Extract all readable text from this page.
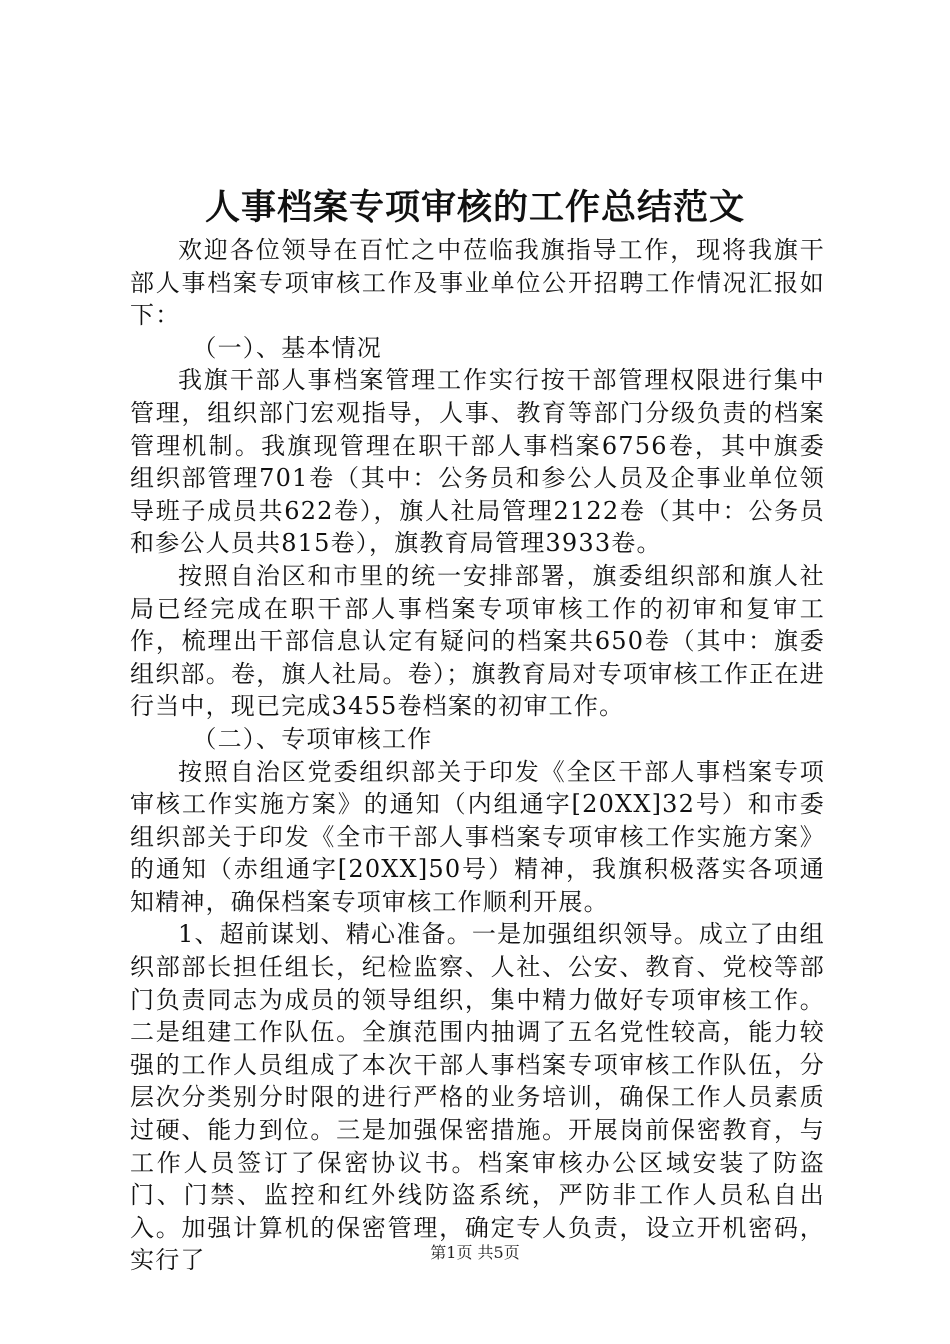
人事档案专项审核的工作总结范文

欢迎各位领导在百忙之中莅临我旗指导工作，现将我旗干部人事档案专项审核工作及事业单位公开招聘工作情况汇报如下：

（一）、基本情况

我旗干部人事档案管理工作实行按干部管理权限进行集中管理，组织部门宏观指导，人事、教育等部门分级负责的档案管理机制。我旗现管理在职干部人事档案6756卷，其中旗委组织部管理701卷（其中：公务员和参公人员及企事业单位领导班子成员共622卷），旗人社局管理2122卷（其中：公务员和参公人员共815卷），旗教育局管理3933卷。

按照自治区和市里的统一安排部署，旗委组织部和旗人社局已经完成在职干部人事档案专项审核工作的初审和复审工作，梳理出干部信息认定有疑问的档案共650卷（其中：旗委组织部。卷，旗人社局。卷）；旗教育局对专项审核工作正在进行当中，现已完成3455卷档案的初审工作。

（二）、专项审核工作

按照自治区党委组织部关于印发《全区干部人事档案专项审核工作实施方案》的通知（内组通字[20XX]32号）和市委组织部关于印发《全市干部人事档案专项审核工作实施方案》的通知（赤组通字[20XX]50号）精神，我旗积极落实各项通知精神，确保档案专项审核工作顺利开展。

1、超前谋划、精心准备。一是加强组织领导。成立了由组织部部长担任组长，纪检监察、人社、公安、教育、党校等部门负责同志为成员的领导组织，集中精力做好专项审核工作。二是组建工作队伍。全旗范围内抽调了五名党性较高，能力较强的工作人员组成了本次干部人事档案专项审核工作队伍，分层次分类别分时限的进行严格的业务培训，确保工作人员素质过硬、能力到位。三是加强保密措施。开展岗前保密教育，与工作人员签订了保密协议书。档案审核办公区域安装了防盗门、门禁、监控和红外线防盗系统，严防非工作人员私自出入。加强计算机的保密管理，确定专人负责，设立开机密码，实行了	第1页 共5页
